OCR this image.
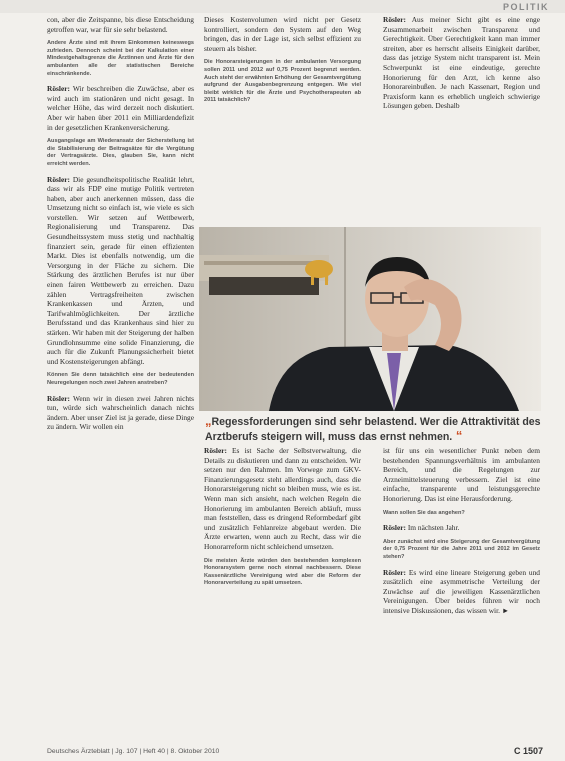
POLITIK

con, aber die Zeitspanne, bis diese Entscheidung getroffen war, war für sie sehr belastend.

Andere Ärzte sind mit ihrem Einkommen keineswegs zufrieden. Dennoch scheint bei der Kalkulation einer Mindestgehaltsgrenze die Ärztinnen und Ärzte für den ambulanten alle der statistischen Bereiche einschränkende.

Rösler: Wir beschreiben die Zuwächse, aber es wird auch im stationären und nicht gesagt. In welcher Höhe, das wird derzeit noch diskutiert. Aber wir haben über 2011 ein Milliardendefizit in der gesetzlichen Krankenversicherung.

Ausgangslage am Wiederansatz der Sicherstellung ist die Stabilisierung der Beitragsätze für die Vergütung der Vertragsärzte. Dies, glauben Sie, kann nicht erreicht werden.

Rösler: Die gesundheitspolitische Realität lehrt, dass wir als FDP eine mutige Politik vertreten haben, aber auch anerkennen müssen, dass die Umsetzung nicht so einfach ist, wie viele es sich vorstellen. Wir setzen auf Wettbewerb, Regionalisierung und Transparenz. Das Gesundheitssystem muss stetig und nachhaltig finanziert sein, gerade für einen effizienten Markt. Dies ist ebenfalls notwendig, um die Versorgung in der Fläche zu sichern. Die Stärkung des ärztlichen Berufes ist nur über einen fairen Wettbewerb zu erreichen. Dazu zählen Vertragsfreiheiten zwischen Krankenkassen und Ärzten, und Tarifwahlmöglichkeiten. Der ärztliche Berufsstand und das Krankenhaus sind hier zu stärken. Wir haben mit der Steigerung der halben Grundlohnsumme eine solide Finanzierung, die auch für die Zukunft Planungssicherheit bietet und Kostensteigerungen abfängt.

Können Sie denn tatsächlich eine der bedeutenden Neuregelungen noch zwei Jahren anstreben?

Rösler: Wenn wir in diesen zwei Jahren nichts tun, würde sich wahrscheinlich danach nichts ändern. Aber unser Ziel ist ja gerade, diese Dinge zu ändern. Wir wollen ein

Dieses Kostenvolumen wird nicht per Gesetz kontrolliert, sondern den System auf den Weg bringen, das in der Lage ist, sich selbst effizient zu steuern als bisher.

Die Honorarsteigerungen in der ambulanten Versorgung sollen 2011 und 2012 auf 0,75 Prozent begrenzt werden. Auch steht der erwähnten Erhöhung der Gesamtvergütung aufgrund der Ausgabenbegrenzung entgegen. Wie viel bleibt wirklich für die Ärzte und Psychotherapeuten ab 2011 tatsächlich?

Rösler: Aus meiner Sicht gibt es eine enge Zusammenarbeit zwischen Transparenz und Gerechtigkeit. Über Gerechtigkeit kann man immer streiten, aber es herrscht allseits Einigkeit darüber, dass das jetzige System nicht transparent ist. Mein Schwerpunkt ist eine eindeutige, gerechte Honorierung für den Arzt, ich kenne also Honorareinbußen. Je nach Kassenart, Region und Praxisform kann es erheblich ungleich schwierige Lösungen geben. Deshalb

„Regessforderungen sind sehr belastend. Wer die Attraktivität des Arztberufs steigern will, muss das ernst nehmen. “

Rösler: Es ist Sache der Selbstverwaltung, die Details zu diskutieren und dann zu entscheiden. Wir setzen nur den Rahmen. Im Vorwege zum GKV-Finanzierungsgesetz steht allerdings auch, dass die Honorarsteigerung nicht so bleiben muss, wie es ist. Wenn man sich ansieht, nach welchen Regeln die Honorierung im ambulanten Bereich abläuft, muss man feststellen, dass es dringend Reformbedarf gibt und zusätzlich Fehlanreize abgebaut werden. Die Ärzte erwarten, wenn auch zu Recht, dass wir die Honorarreform nicht schleichend umsetzen.

Die meisten Ärzte würden den bestehenden komplexen Honorarsystem gerne noch einmal nachbessern. Diese Kassenärztliche Vereinigung wird aber die Reform der Honorarverteilung zu spät umsetzen.

ist für uns ein wesentlicher Punkt neben dem bestehenden Spannungsverhältnis im ambulanten Bereich, und die Regelungen zur Arzneimittelsteuerung verbessern. Ziel ist eine einfache, transparente und leistungsgerechte Honorierung. Das ist eine Herausforderung.

Wann sollen Sie das angehen?

Rösler: Im nächsten Jahr.

Aber zunächst wird eine Steigerung der Gesamtvergütung der 0,75 Prozent für die Jahre 2011 und 2012 im Gesetz stehen?

Rösler: Es wird eine lineare Steigerung geben und zusätzlich eine asymmetrische Verteilung der Zuwächse auf die jeweiligen Kassenärztlichen Vereinigungen. Über beides führen wir noch intensive Diskussionen, das wissen wir. ►

Deutsches Ärzteblatt | Jg. 107 | Heft 40 | 8. Oktober 2010	C 1507
